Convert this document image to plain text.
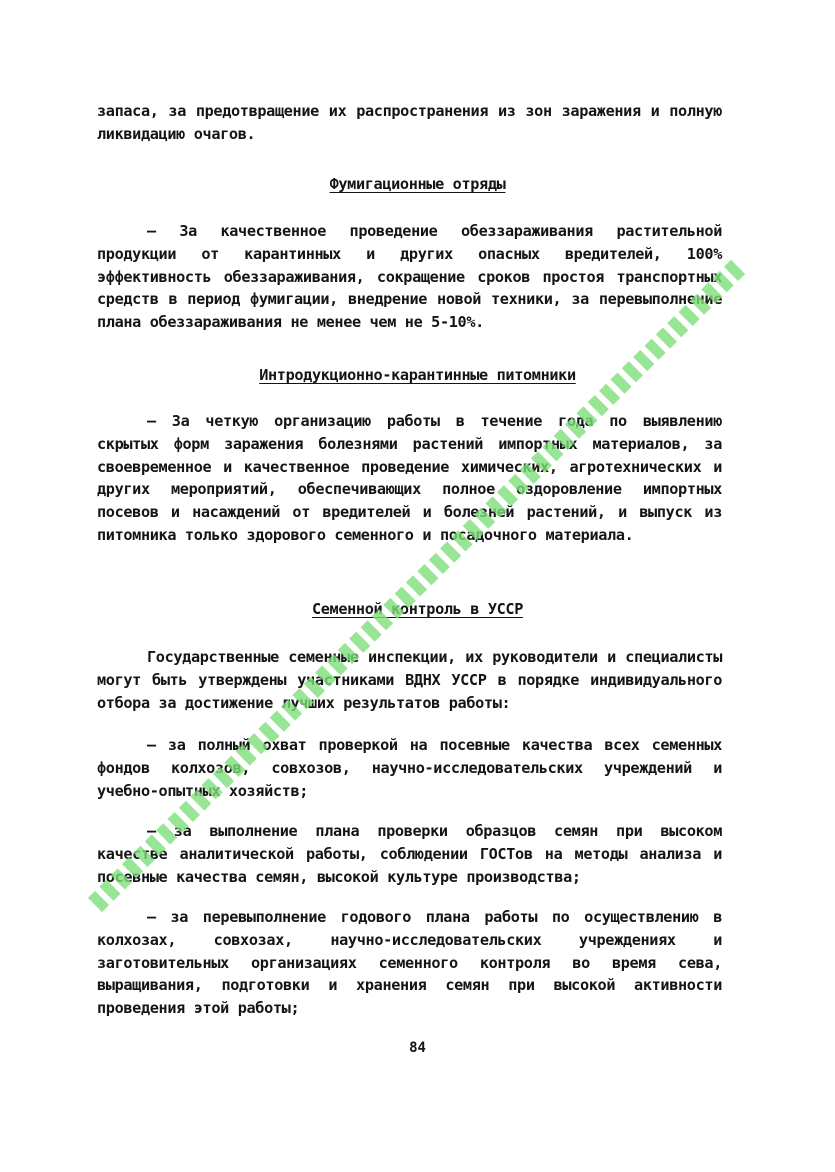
запаса, за предотвращение их распространения из зон заражения и полную ликвидацию очагов.

Фумигационные отряды

– За качественное проведение обеззараживания растительной продукции от карантинных и других опасных вредителей, 100% эффективность обеззараживания, сокращение сроков простоя транспортных средств в период фумигации, внедрение новой техники, за перевыполнение плана обеззараживания не менее чем не 5-10%.

Интродукционно-карантинные питомники

– За четкую организацию работы в течение года по выявлению скрытых форм заражения болезнями растений импортных материалов, за своевременное и качественное проведение химических, агротехнических и других мероприятий, обеспечивающих полное оздоровление импортных посевов и насаждений от вредителей и болезней растений, и выпуск из питомника только здорового семенного и посадочного материала.

Семенной контроль в УССР

Государственные семенные инспекции, их руководители и специалисты могут быть утверждены участниками ВДНХ УССР в порядке индивидуального отбора за достижение лучших результатов работы:

– за полный охват проверкой на посевные качества всех семенных фондов колхозов, совхозов, научно-исследовательских учреждений и учебно-опытных хозяйств;

– за выполнение плана проверки образцов семян при высоком качестве аналитической работы, соблюдении ГОСТов на методы анализа и посевные качества семян, высокой культуре производства;

– за перевыполнение годового плана работы по осуществлению в колхозах, совхозах, научно-исследовательских учреждениях и заготовительных организациях семенного контроля во время сева, выращивания, подготовки и хранения семян при высокой активности проведения этой работы;

84
